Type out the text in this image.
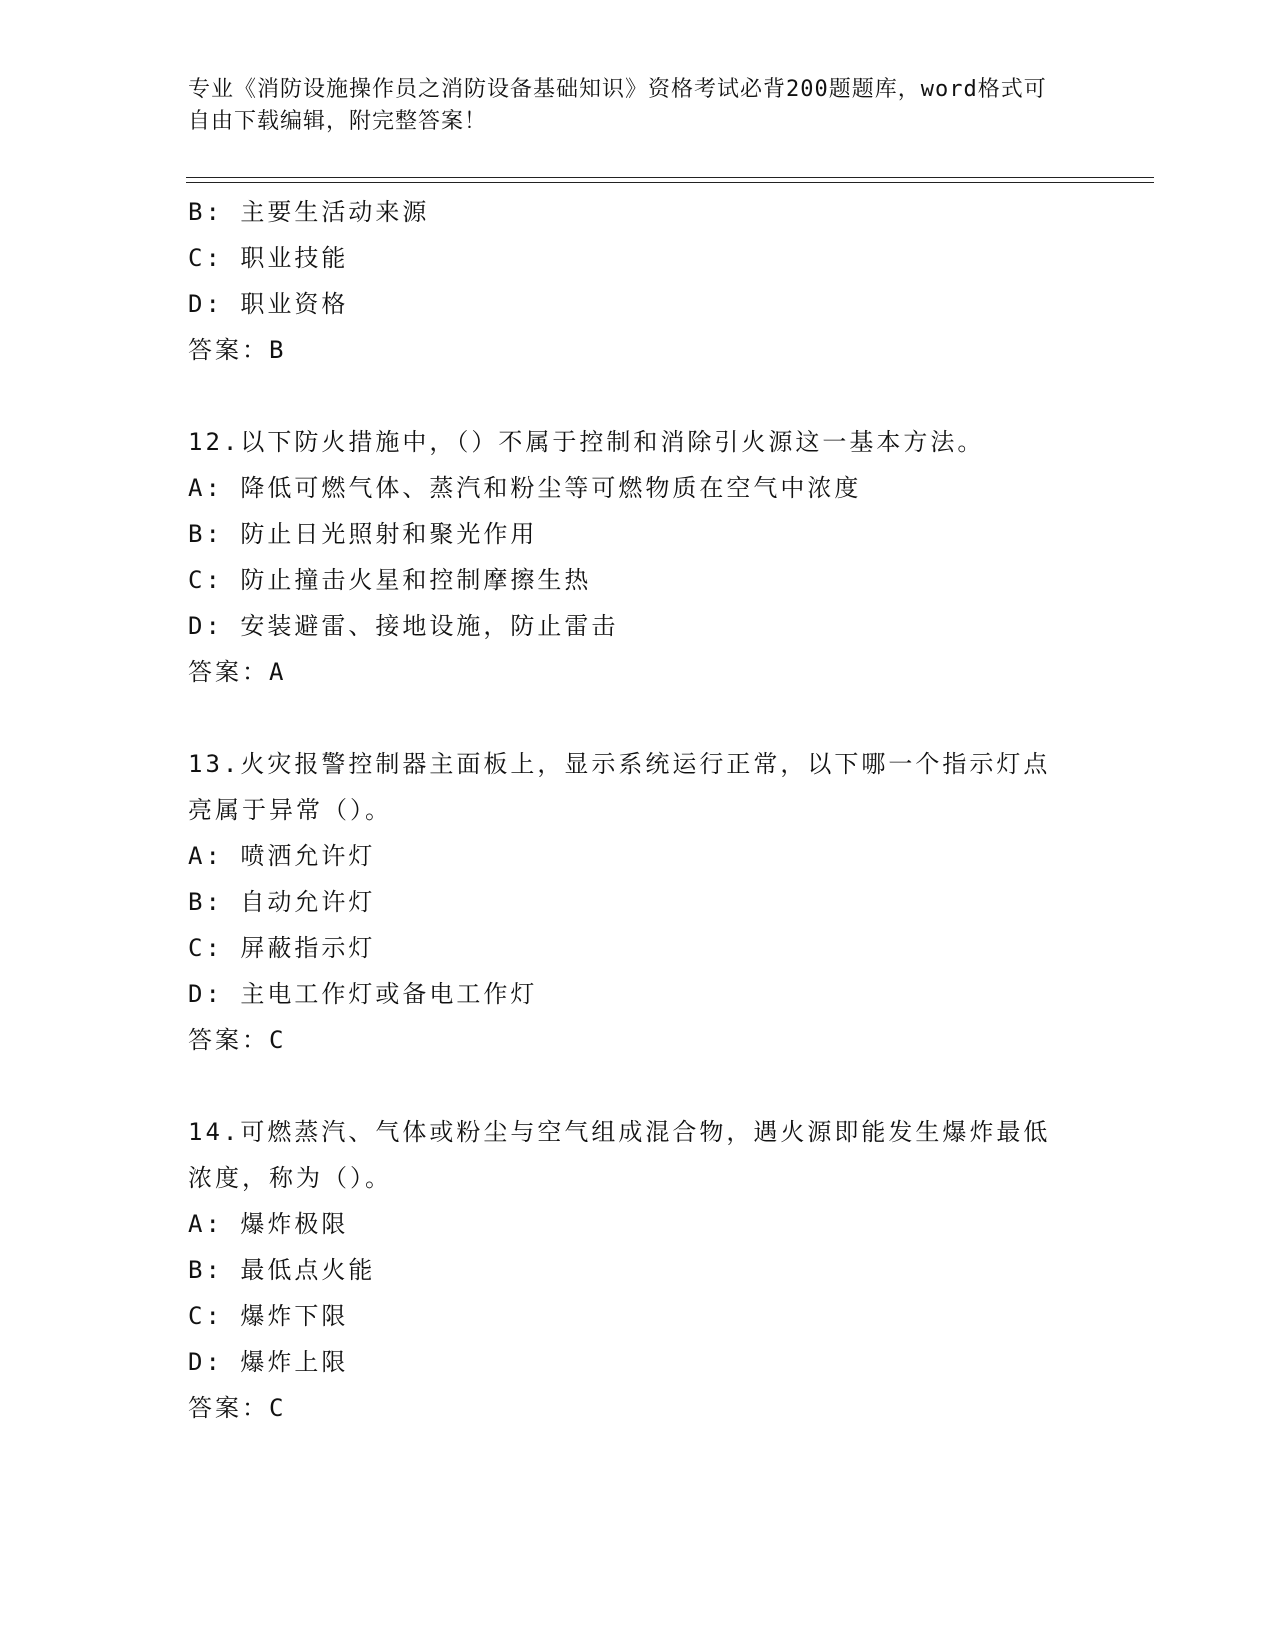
专业《消防设施操作员之消防设备基础知识》资格考试必背200题题库，word格式可自由下载编辑，附完整答案！
B: 主要生活动来源
C: 职业技能
D: 职业资格
答案：B
12.以下防火措施中，（）不属于控制和消除引火源这一基本方法。
A: 降低可燃气体、蒸汽和粉尘等可燃物质在空气中浓度
B: 防止日光照射和聚光作用
C: 防止撞击火星和控制摩擦生热
D: 安装避雷、接地设施，防止雷击
答案：A
13.火灾报警控制器主面板上，显示系统运行正常，以下哪一个指示灯点亮属于异常（）。
A: 喷洒允许灯
B: 自动允许灯
C: 屏蔽指示灯
D: 主电工作灯或备电工作灯
答案：C
14.可燃蒸汽、气体或粉尘与空气组成混合物，遇火源即能发生爆炸最低浓度，称为（）。
A: 爆炸极限
B: 最低点火能
C: 爆炸下限
D: 爆炸上限
答案：C
